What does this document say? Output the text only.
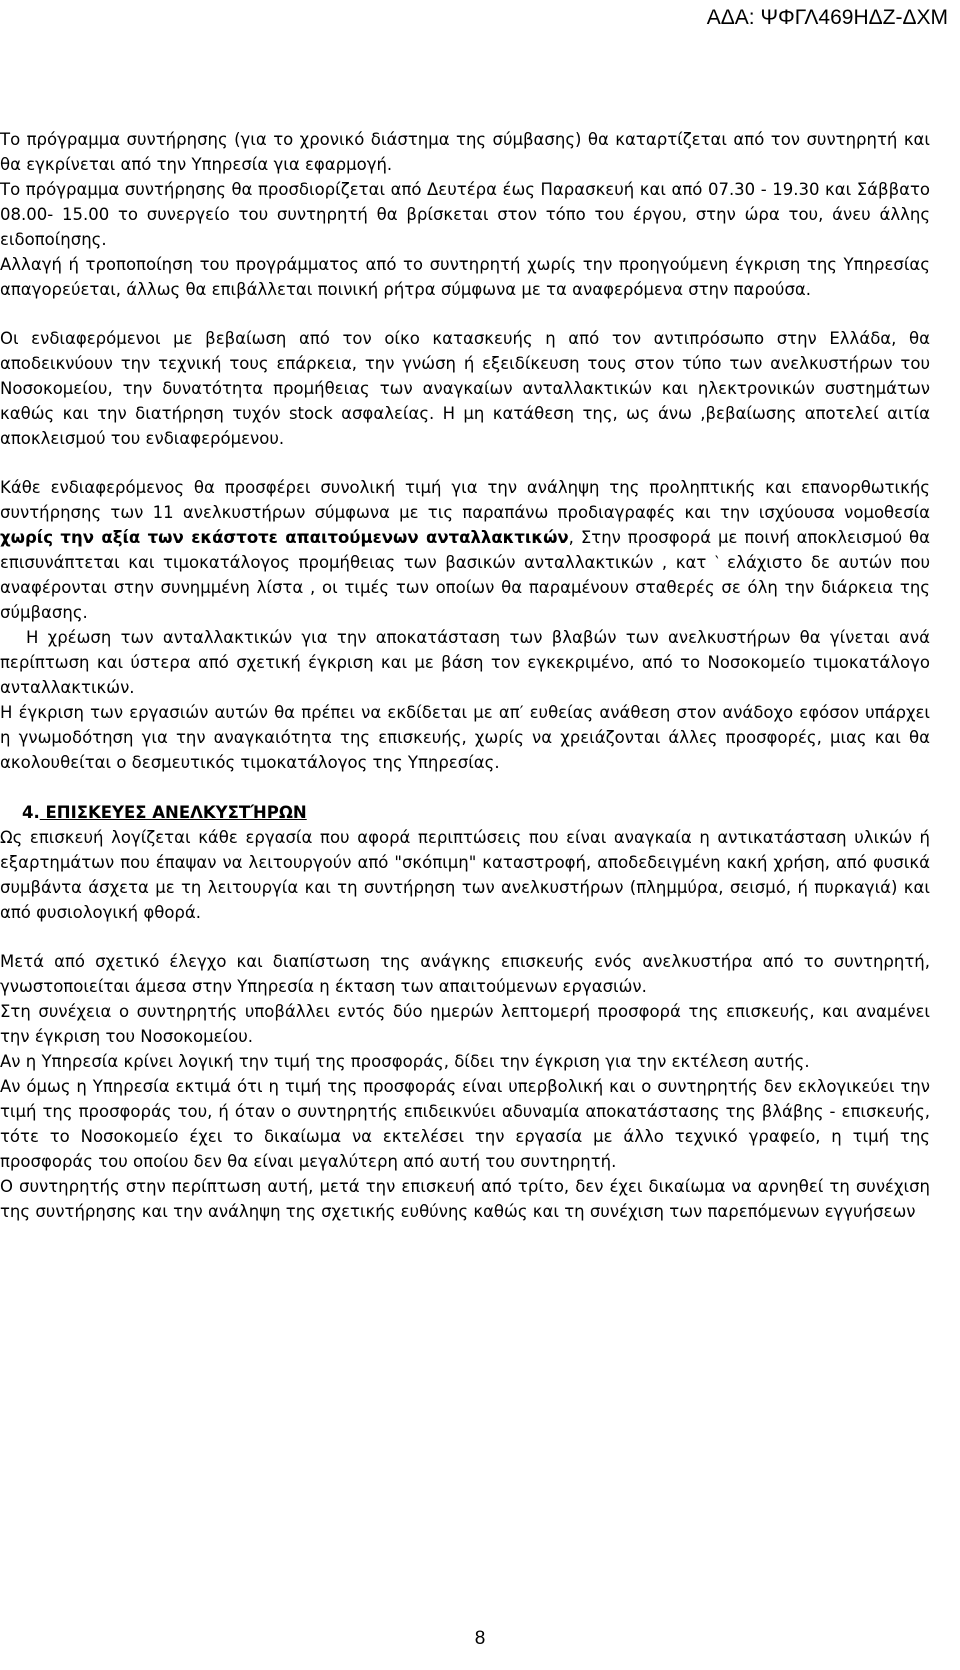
ΑΔΑ: ΨΦΓΛ469ΗΔΖ-ΔΧΜ

Το πρόγραμμα συντήρησης (για το χρονικό διάστημα της σύμβασης) θα καταρτίζεται από τον συντηρητή και θα εγκρίνεται από την Υπηρεσία για εφαρμογή.

Το πρόγραμμα συντήρησης θα προσδιορίζεται από Δευτέρα έως Παρασκευή και από 07.30 - 19.30 και Σάββατο 08.00- 15.00 το συνεργείο του συντηρητή θα βρίσκεται στον τόπο του έργου, στην ώρα του, άνευ άλλης ειδοποίησης.

Αλλαγή ή τροποποίηση του προγράμματος από το συντηρητή χωρίς την προηγούμενη έγκριση της Υπηρεσίας απαγορεύεται, άλλως θα επιβάλλεται ποινική ρήτρα σύμφωνα με τα αναφερόμενα στην παρούσα.

Οι ενδιαφερόμενοι με βεβαίωση από τον οίκο κατασκευής η από τον αντιπρόσωπο στην Ελλάδα, θα αποδεικνύουν την τεχνική τους επάρκεια, την γνώση ή εξειδίκευση τους στον τύπο των ανελκυστήρων του Νοσοκομείου, την δυνατότητα προμήθειας των αναγκαίων ανταλλακτικών και ηλεκτρονικών συστημάτων καθώς και την διατήρηση τυχόν stock ασφαλείας. Η μη κατάθεση της, ως άνω ,βεβαίωσης αποτελεί αιτία αποκλεισμού του ενδιαφερόμενου.

Κάθε ενδιαφερόμενος θα προσφέρει συνολική τιμή για την ανάληψη της προληπτικής και επανορθωτικής συντήρησης των 11 ανελκυστήρων σύμφωνα με τις παραπάνω προδιαγραφές και την ισχύουσα νομοθεσία χωρίς την αξία των εκάστοτε απαιτούμενων ανταλλακτικών, Στην προσφορά με ποινή αποκλεισμού θα επισυνάπτεται και τιμοκατάλογος προμήθειας των βασικών ανταλλακτικών , κατ ‵ ελάχιστο δε αυτών που αναφέρονται στην συνημμένη λίστα , οι τιμές των οποίων θα παραμένουν σταθερές σε όλη την διάρκεια της σύμβασης.

Η χρέωση των ανταλλακτικών για την αποκατάσταση των βλαβών των ανελκυστήρων θα γίνεται ανά περίπτωση και ύστερα από σχετική έγκριση και με βάση τον εγκεκριμένο, από το Νοσοκομείο τιμοκατάλογο ανταλλακτικών.

Η έγκριση των εργασιών αυτών θα πρέπει να εκδίδεται με απ′ ευθείας ανάθεση στον ανάδοχο εφόσον υπάρχει η γνωμοδότηση για την αναγκαιότητα της επισκευής, χωρίς να χρειάζονται άλλες προσφορές, μιας και θα ακολουθείται ο δεσμευτικός τιμοκατάλογος της Υπηρεσίας.

4. ΕΠΙΣΚΕΥΕΣ ΑΝΕΛΚΥΣΤΉΡΩΝ

Ως επισκευή λογίζεται κάθε εργασία που αφορά περιπτώσεις που είναι αναγκαία η αντικατάσταση υλικών ή εξαρτημάτων που έπαψαν να λειτουργούν από "σκόπιμη" καταστροφή, αποδεδειγμένη κακή χρήση, από φυσικά συμβάντα άσχετα με τη λειτουργία και τη συντήρηση των ανελκυστήρων (πλημμύρα, σεισμό, ή πυρκαγιά) και από φυσιολογική φθορά.

Μετά από σχετικό έλεγχο και διαπίστωση της ανάγκης επισκευής ενός ανελκυστήρα από το συντηρητή, γνωστοποιείται άμεσα στην Υπηρεσία η έκταση των απαιτούμενων εργασιών.

Στη συνέχεια ο συντηρητής υποβάλλει εντός δύο ημερών λεπτομερή προσφορά της επισκευής, και αναμένει την έγκριση του Νοσοκομείου.

Αν η Υπηρεσία κρίνει λογική την τιμή της προσφοράς, δίδει την έγκριση για την εκτέλεση αυτής.

Αν όμως η Υπηρεσία εκτιμά ότι η τιμή της προσφοράς είναι υπερβολική και ο συντηρητής δεν εκλογικεύει την τιμή της προσφοράς του, ή όταν ο συντηρητής επιδεικνύει αδυναμία αποκατάστασης της βλάβης - επισκευής, τότε το Νοσοκομείο έχει το δικαίωμα να εκτελέσει την εργασία με άλλο τεχνικό γραφείο, η τιμή της προσφοράς του οποίου δεν θα είναι μεγαλύτερη από αυτή του συντηρητή.

Ο συντηρητής στην περίπτωση αυτή, μετά την επισκευή από τρίτο, δεν έχει δικαίωμα να αρνηθεί τη συνέχιση της συντήρησης και την ανάληψη της σχετικής ευθύνης καθώς και τη συνέχιση των παρεπόμενων εγγυήσεων

8
